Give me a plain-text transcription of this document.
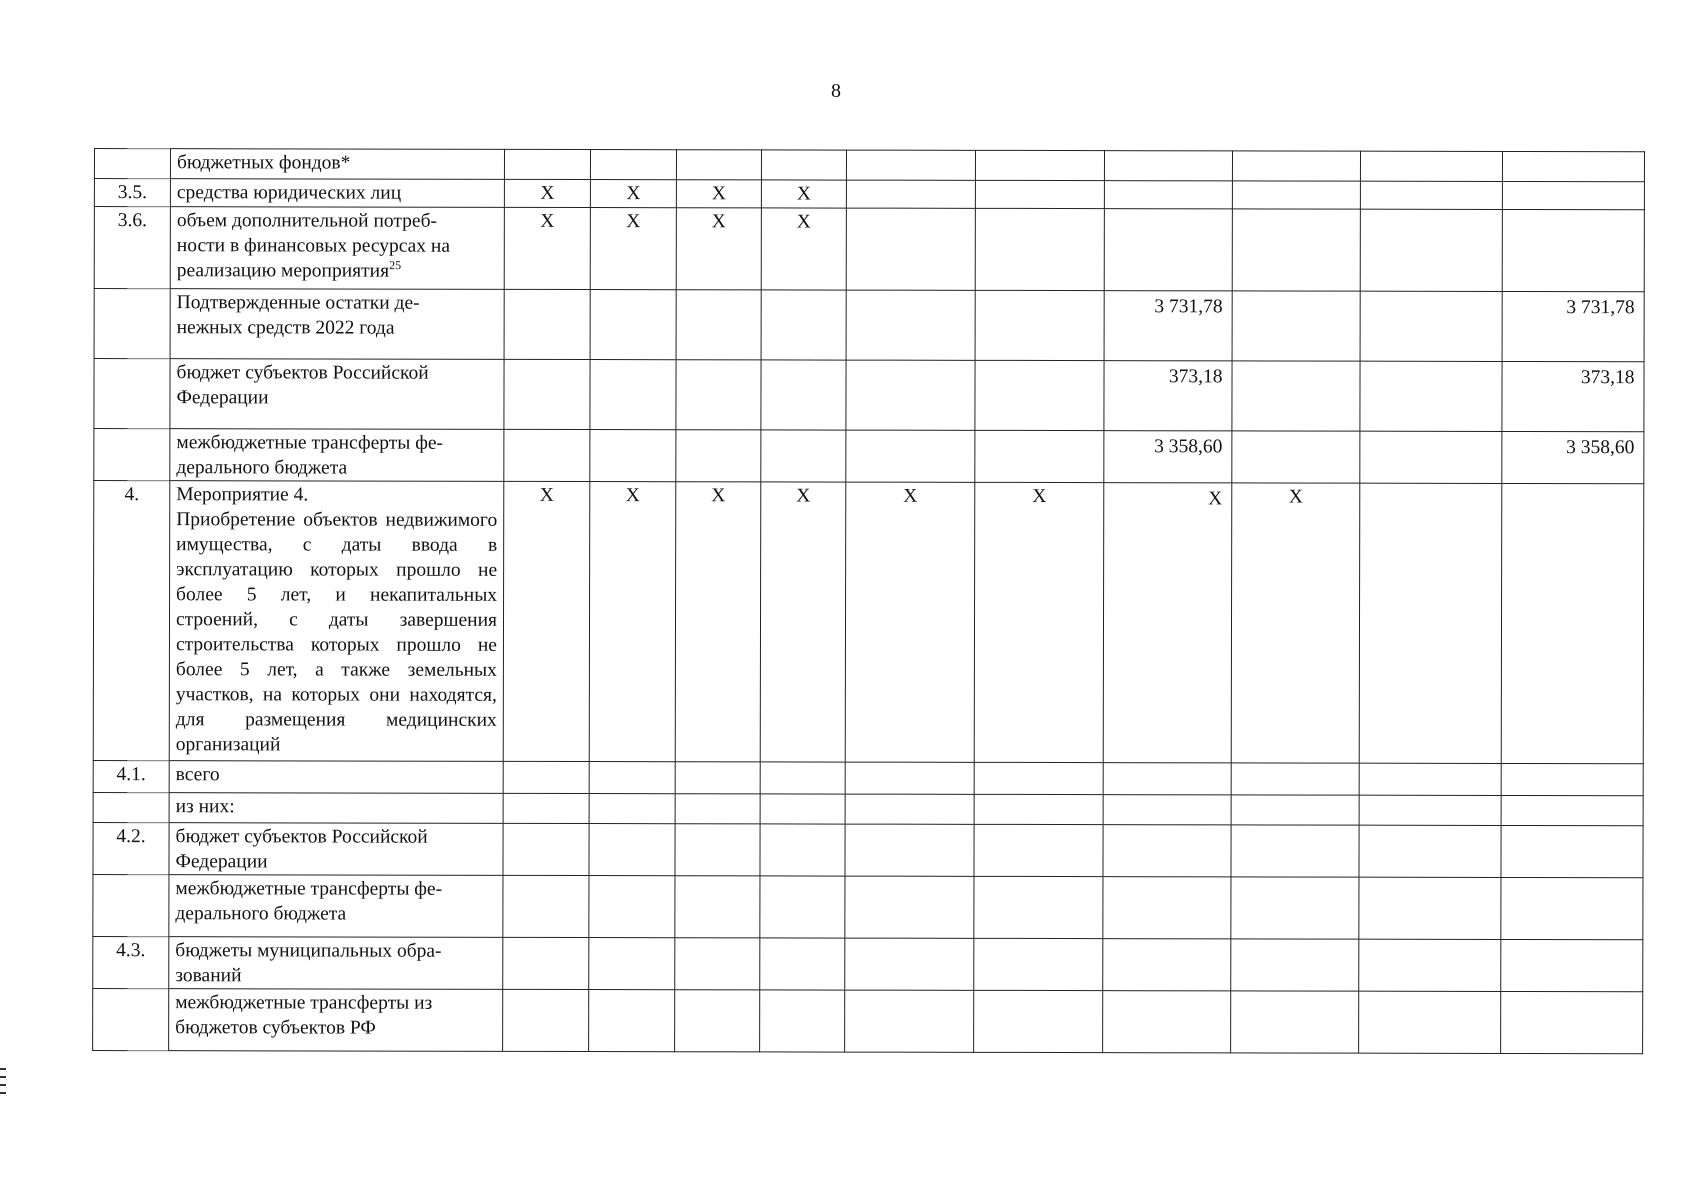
8
	бюджетных фондов*										
3.5.	средства юридических лиц	X	X	X	X						
3.6.	объем дополнительной потреб-
ности в финансовых ресурсах на
реализацию мероприятия$^{25}$	X	X	X	X						
	Подтвержденные остатки де-
нежных средств 2022 года							3 731,78			3 731,78
	бюджет субъектов Российской
Федерации							373,18			373,18
	межбюджетные трансферты фе-
дерального бюджета							3 358,60			3 358,60
4.	Мероприятие 4.
Приобретение объектов недвижимого имущества, с даты ввода в эксплуатацию которых прошло не более 5 лет, и некапитальных строений, с даты завершения строительства которых прошло не более 5 лет, а также земельных участков, на которых они находятся, для размещения медицинских организаций	X	X	X	X	X	X	X	X		
4.1.	всего										
	из них:										
4.2.	бюджет субъектов Российской
Федерации										
	межбюджетные трансферты фе-
дерального бюджета										
4.3.	бюджеты муниципальных обра-
зований										
	межбюджетные трансферты из
бюджетов субъектов РФ										
